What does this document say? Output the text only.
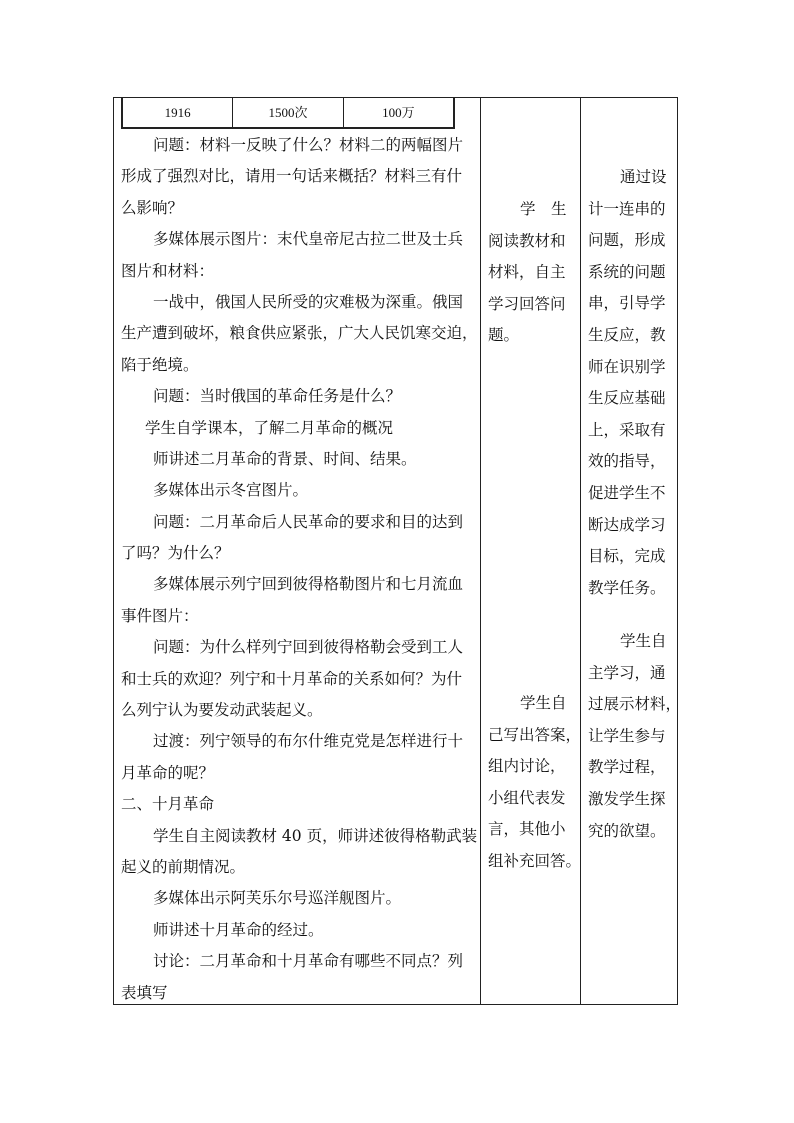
1916	1500次	100万
问题：材料一反映了什么？材料二的两幅图片
形成了强烈对比，请用一句话来概括？材料三有什
么影响？
多媒体展示图片：末代皇帝尼古拉二世及士兵
图片和材料：
一战中，俄国人民所受的灾难极为深重。俄国
生产遭到破坏，粮食供应紧张，广大人民饥寒交迫，
陷于绝境。
问题：当时俄国的革命任务是什么？
学生自学课本，了解二月革命的概况
师讲述二月革命的背景、时间、结果。
多媒体出示冬宫图片。
问题：二月革命后人民革命的要求和目的达到
了吗？为什么？
多媒体展示列宁回到彼得格勒图片和七月流血
事件图片：
问题：为什么样列宁回到彼得格勒会受到工人
和士兵的欢迎？列宁和十月革命的关系如何？为什
么列宁认为要发动武装起义。
过渡：列宁领导的布尔什维克党是怎样进行十
月革命的呢？
二、十月革命
学生自主阅读教材 40 页，师讲述彼得格勒武装
起义的前期情况。
多媒体出示阿芙乐尔号巡洋舰图片。
师讲述十月革命的经过。
讨论：二月革命和十月革命有哪些不同点？列
表填写
学　生
阅读教材和
材料，自主
学习回答问
题。
学生自
己写出答案，
组内讨论，
小组代表发
言，其他小
组补充回答。
通过设
计一连串的
问题，形成
系统的问题
串，引导学
生反应，教
师在识别学
生反应基础
上，采取有
效的指导，
促进学生不
断达成学习
目标，完成
教学任务。
学生自
主学习，通
过展示材料，
让学生参与
教学过程，
激发学生探
究的欲望。
